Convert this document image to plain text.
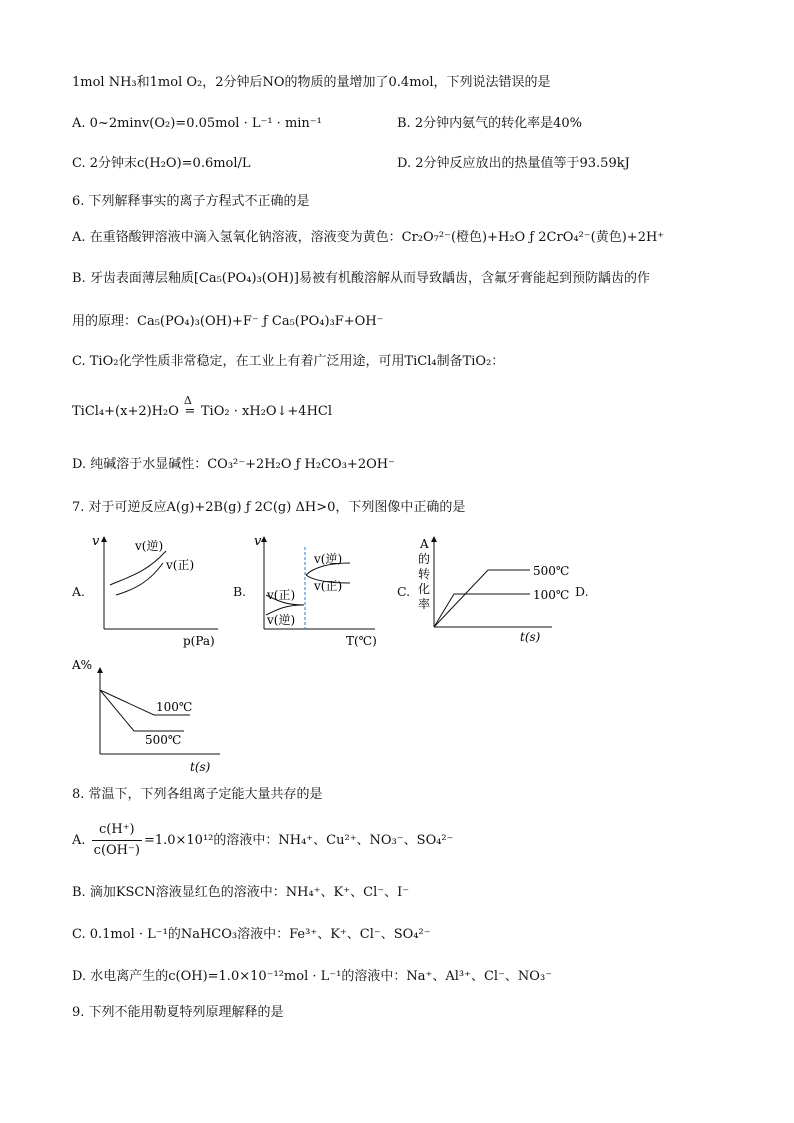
1mol NH₃和1mol O₂，2分钟后NO的物质的量增加了0.4mol，下列说法错误的是
A. 0~2minv(O₂)=0.05mol · L⁻¹ · min⁻¹	B. 2分钟内氨气的转化率是40%
C. 2分钟末c(H₂O)=0.6mol/L	D. 2分钟反应放出的热量值等于93.59kJ
6. 下列解释事实的离子方程式不正确的是
A. 在重铬酸钾溶液中滴入氢氧化钠溶液，溶液变为黄色：Cr₂O₇²⁻(橙色)+H₂O ƒ 2CrO₄²⁻(黄色)+2H⁺
B. 牙齿表面薄层釉质[Ca₅(PO₄)₃(OH)]易被有机酸溶解从而导致龋齿，含氟牙膏能起到预防龋齿的作
用的原理：Ca₅(PO₄)₃(OH)+F⁻ ƒ Ca₅(PO₄)₃F+OH⁻
C. TiO₂化学性质非常稳定，在工业上有着广泛用途，可用TiCl₄制备TiO₂：
TiCl₄+(x+2)H₂O
Δ
= TiO₂ · xH₂O↓+4HCl
D. 纯碱溶于水显碱性：CO₃²⁻+2H₂O ƒ H₂CO₃+2OH⁻
7. 对于可逆反应A(g)+2B(g) ƒ 2C(g) ΔH>0，下列图像中正确的是
A.	B.	C.	D.
v
p(Pa)
v(逆)
v(正)
v
T(℃)
v(逆)
v(正)
v(正)
v(逆)
A
的
转
化
率
t(s)
500℃
100℃
A%
t(s)
100℃
500℃
8. 常温下，下列各组离子定能大量共存的是
A. $\frac{c(H^+)}{c(OH^-)} =1.0\times 10^{12}$的溶液中：NH₄⁺、Cu²⁺、NO₃⁻、SO₄²⁻
B. 滴加KSCN溶液显红色的溶液中：NH₄⁺、K⁺、Cl⁻、I⁻
C. 0.1mol · L⁻¹的NaHCO₃溶液中：Fe³⁺、K⁺、Cl⁻、SO₄²⁻
D. 水电离产生的c(OH)=1.0×10⁻¹²mol · L⁻¹的溶液中：Na⁺、Al³⁺、Cl⁻、NO₃⁻
9. 下列不能用勒夏特列原理解释的是
